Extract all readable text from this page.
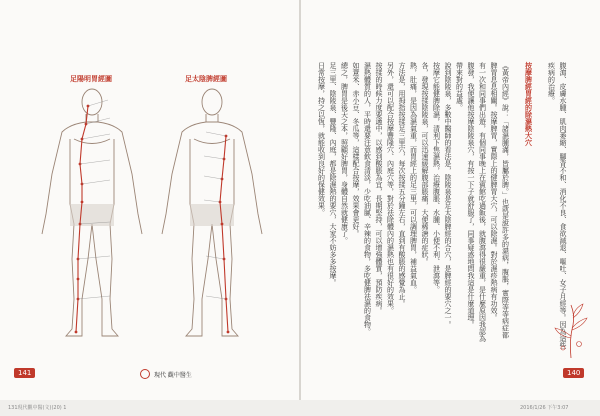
足陽明胃經圖	足太陰脾經圖
141	現代 觀中醫生
腹瀉、皮膚水腫、肌肉萎縮、腳背不和、消化不良、食欲減退、嘔吐、女子月經等。因為這些
疾病的治療。
按摩脾經胃經的除濕熱大穴
《黃帝內經》說：「諸濕腫滿，皆屬於脾。」也就是說許多的濕病，腹脹，實際等等病症都
脾胃息息相關。按摩脾胃，實際上的健脾胃大穴，可以除濕。對於濕疹熱病有功效。
有一次和同事們出遊，有個同事晚上在賓館吃過飯後，就腹瀉得很嚴重，是什麼原因我認為
腹發，我便讓他按摩陰陵泉穴，有按一下子就舒服了，同事疑惑地問我這是什麼道理。
帶來對的益處。
說到陰陵泉，多數中醫師的看法是，陰陵泉是足太陰脾經的合穴，是脾經的要穴之一。
按摩它能健脾除濕，清利下焦濕熱，治療腹脹、水腫、小便不利、泄瀉等。
各，發現按揉陰陵泉，可以迅速緩解腹部脹痛，大便稀溏的症狀。
熱，肚痛，是因為濕氣重，而胃經上的足三里，可以調理脾胃，補益氣血。
方法是，用拇指按揉足三里穴，每次按揉五分鐘左右，直到有酸脹的感覺為止。
另外，還可以配合按摩豐隆穴、內庭穴等，對於祛除體內的濕熱也有很好的效果。
按揉的時候力度要適中，以感到酸脹為宜，長期堅持，可以增強體質，預防疾病。
濕熱體質的人，平時還要注意飲食清淡，少吃油膩、辛辣的食物，多吃健脾祛濕的食物。
如薏米、赤小豆、冬瓜等，這樣配合按摩，效果會更好。
總之，脾胃是後天之本，照顧好脾胃，身體自然就健康了。
足三里、陰陵泉、豐隆、內庭，都是除濕熱的要穴，大家不妨多多按摩。
日常按摩，持之以恆，就能收到良好的保健效果。
140
131現代觀中醫(文)(20) 1	2016/1/26 下午3:07
